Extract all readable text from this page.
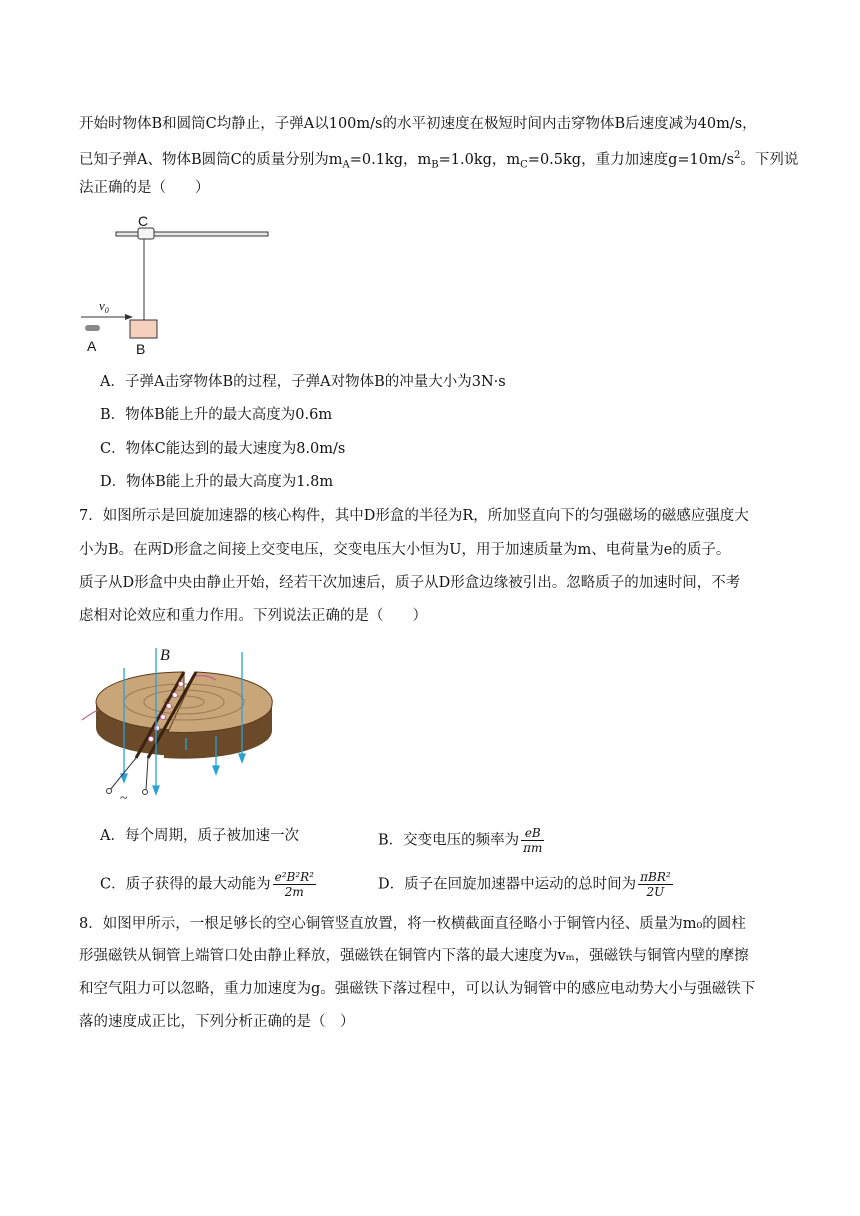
开始时物体B和圆筒C均静止，子弹A以100m/s的水平初速度在极短时间内击穿物体B后速度减为40m/s，
已知子弹A、物体B圆筒C的质量分别为$m_A=0.1kg$，$m_B=1.0kg$，$m_C=0.5kg$，重力加速度$g=10m/s^2$。下列说
法正确的是（　　）
C
$v_0$
A	B
A．子弹A击穿物体B的过程，子弹A对物体B的冲量大小为3N·s
B．物体B能上升的最大高度为0.6m
C．物体C能达到的最大速度为8.0m/s
D．物体B能上升的最大高度为1.8m
7．如图所示是回旋加速器的核心构件，其中D形盒的半径为R，所加竖直向下的匀强磁场的磁感应强度大
小为B。在两D形盒之间接上交变电压，交变电压大小恒为U，用于加速质量为m、电荷量为e的质子。
质子从D形盒中央由静止开始，经若干次加速后，质子从D形盒边缘被引出。忽略质子的加速时间，不考
虑相对论效应和重力作用。下列说法正确的是（　　）
B
~
A．每个周期，质子被加速一次	B．交变电压的频率为 $\frac{eB}{\pi m}$
C．质子获得的最大动能为 $\frac{\text{e²B²R²}}{2m}$	D．质子在回旋加速器中运动的总时间为 $\frac{\text{πBR²}}{2U}$
8．如图甲所示，一根足够长的空心铜管竖直放置，将一枚横截面直径略小于铜管内径、质量为m₀的圆柱
形强磁铁从铜管上端管口处由静止释放，强磁铁在铜管内下落的最大速度为vₘ，强磁铁与铜管内壁的摩擦
和空气阻力可以忽略，重力加速度为g。强磁铁下落过程中，可以认为铜管中的感应电动势大小与强磁铁下
落的速度成正比，下列分析正确的是（　）
